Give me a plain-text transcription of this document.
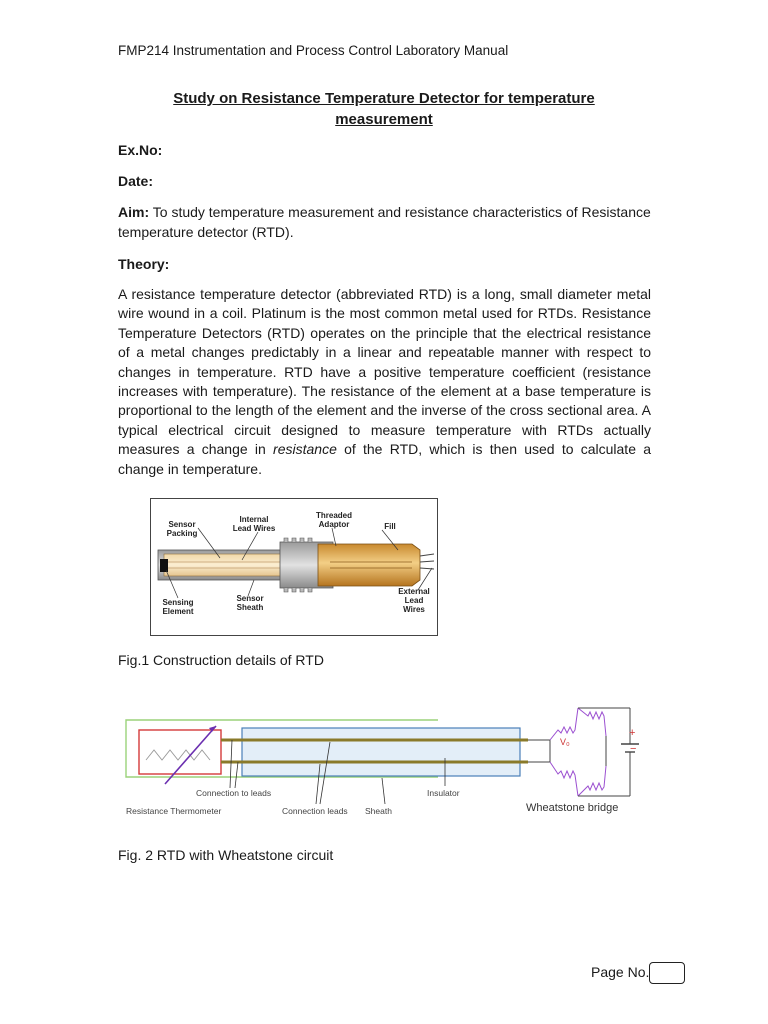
FMP214 Instrumentation and Process Control Laboratory Manual
Study on Resistance Temperature Detector for temperature
measurement
Ex.No:
Date:
Aim: To study temperature measurement and resistance characteristics of Resistance temperature detector (RTD).
Theory:
A resistance temperature detector (abbreviated RTD) is a long, small diameter metal wire wound in a coil. Platinum is the most common metal used for RTDs. Resistance Temperature Detectors (RTD) operates on the principle that the electrical resistance of a metal changes predictably in a linear and repeatable manner with respect to changes in temperature. RTD have a positive temperature coefficient (resistance increases with temperature). The resistance of the element at a base temperature is proportional to the length of the element and the inverse of the cross sectional area. A typical electrical circuit designed to measure temperature with RTDs actually measures a change in resistance of the RTD, which is then used to calculate a change in temperature.
Sensor
Packing
Internal
Lead Wires
Threaded
Adaptor	Fill
Sensing
Element
Sensor
Sheath
External
Lead
Wires
Fig.1 Construction details of RTD
V₀
+
−
Connection to leads
Resistance Thermometer	Connection leads Sheath
Insulator
Wheatstone bridge
Fig. 2 RTD with Wheatstone circuit
Page No.
